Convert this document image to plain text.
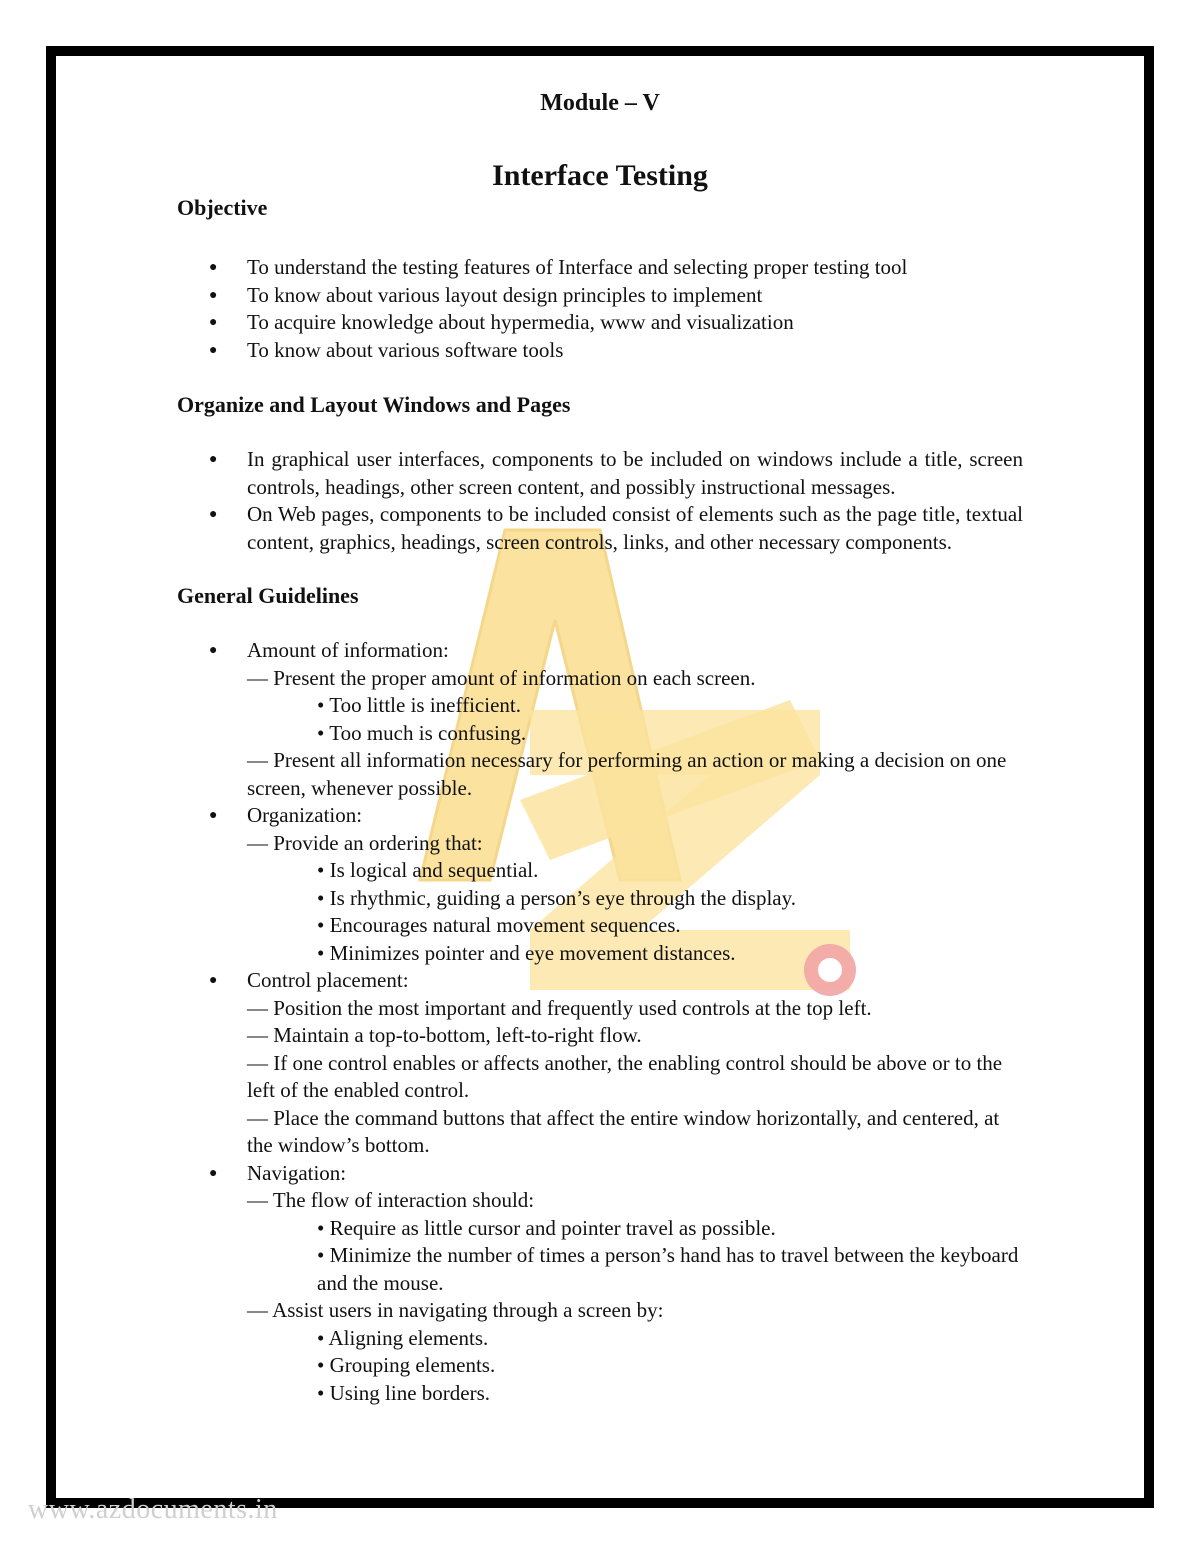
Module – V

Interface Testing

Objective
● To understand the testing features of Interface and selecting proper testing tool
● To know about various layout design principles to implement
● To acquire knowledge about hypermedia, www and visualization
● To know about various software tools
Organize and Layout Windows and Pages
● In graphical user interfaces, components to be included on windows include a title, screen controls, headings, other screen content, and possibly instructional messages.
● On Web pages, components to be included consist of elements such as the page title, textual content, graphics, headings, screen controls, links, and other necessary components.
General Guidelines
● Amount of information:
— Present the proper amount of information on each screen.
• Too little is inefficient.
• Too much is confusing.
— Present all information necessary for performing an action or making a decision on one screen, whenever possible.
● Organization:
— Provide an ordering that:
• Is logical and sequential.
• Is rhythmic, guiding a person’s eye through the display.
• Encourages natural movement sequences.
• Minimizes pointer and eye movement distances.
● Control placement:
— Position the most important and frequently used controls at the top left.
— Maintain a top-to-bottom, left-to-right flow.
— If one control enables or affects another, the enabling control should be above or to the left of the enabled control.
— Place the command buttons that affect the entire window horizontally, and centered, at the window’s bottom.
● Navigation:
— The flow of interaction should:
• Require as little cursor and pointer travel as possible.
• Minimize the number of times a person’s hand has to travel between the keyboard and the mouse.
— Assist users in navigating through a screen by:
• Aligning elements.
• Grouping elements.
• Using line borders.
www.azdocuments.in
